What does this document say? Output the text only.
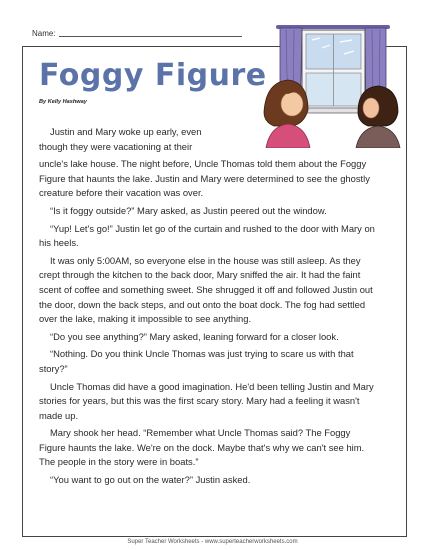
Name:
Foggy Figure
By Kelly Hashway

Justin and Mary woke up early, even
though they were vacationing at their

uncle's lake house. The night before, Uncle Thomas told them about the Foggy Figure that haunts the lake. Justin and Mary were determined to see the ghostly creature before their vacation was over.

“Is it foggy outside?” Mary asked, as Justin peered out the window.

“Yup! Let's go!” Justin let go of the curtain and rushed to the door with Mary on his heels.

It was only 5:00AM, so everyone else in the house was still asleep. As they crept through the kitchen to the back door, Mary sniffed the air. It had the faint scent of coffee and something sweet. She shrugged it off and followed Justin out the door, down the back steps, and out onto the boat dock. The fog had settled over the lake, making it impossible to see anything.

“Do you see anything?” Mary asked, leaning forward for a closer look.

“Nothing. Do you think Uncle Thomas was just trying to scare us with that story?”

Uncle Thomas did have a good imagination. He'd been telling Justin and Mary stories for years, but this was the first scary story. Mary had a feeling it wasn't made up.

Mary shook her head. “Remember what Uncle Thomas said? The Foggy Figure haunts the lake. We're on the dock. Maybe that's why we can't see him. The people in the story were in boats.”

“You want to go out on the water?” Justin asked.

Super Teacher Worksheets - www.superteacherworksheets.com
